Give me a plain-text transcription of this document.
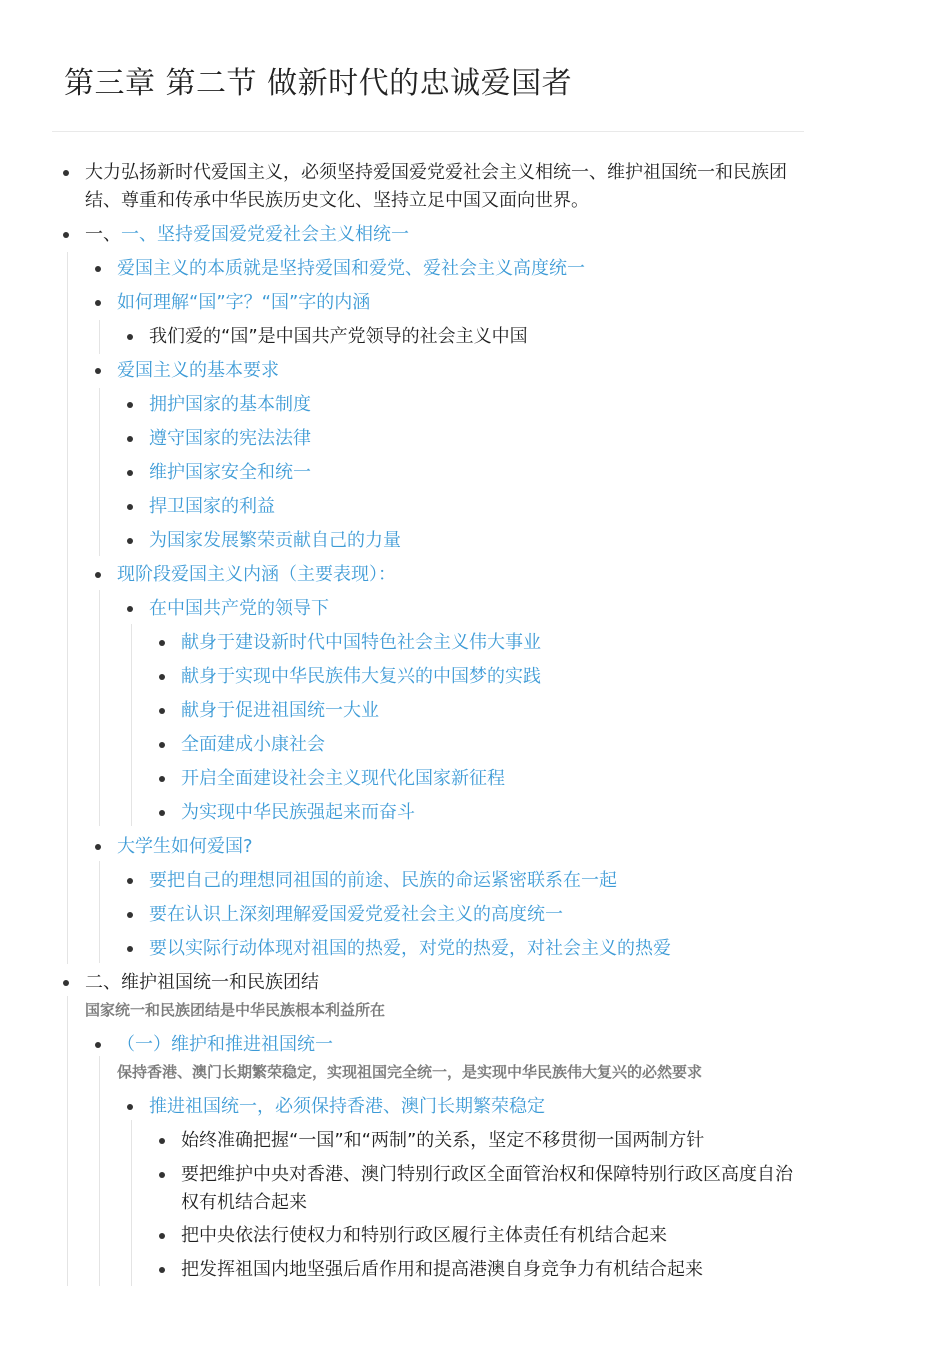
第三章 第二节 做新时代的忠诚爱国者
大力弘扬新时代爱国主义，必须坚持爱国爱党爱社会主义相统一、维护祖国统一和民族团结、尊重和传承中华民族历史文化、坚持立足中国又面向世界。
一、一、坚持爱国爱党爱社会主义相统一
爱国主义的本质就是坚持爱国和爱党、爱社会主义高度统一
如何理解“国”字？“国”字的内涵
我们爱的“国”是中国共产党领导的社会主义中国
爱国主义的基本要求
拥护国家的基本制度
遵守国家的宪法法律
维护国家安全和统一
捍卫国家的利益
为国家发展繁荣贡献自己的力量
现阶段爱国主义内涵（主要表现）：
在中国共产党的领导下
献身于建设新时代中国特色社会主义伟大事业
献身于实现中华民族伟大复兴的中国梦的实践
献身于促进祖国统一大业
全面建成小康社会
开启全面建设社会主义现代化国家新征程
为实现中华民族强起来而奋斗
大学生如何爱国?
要把自己的理想同祖国的前途、民族的命运紧密联系在一起
要在认识上深刻理解爱国爱党爱社会主义的高度统一
要以实际行动体现对祖国的热爱，对党的热爱，对社会主义的热爱
二、维护祖国统一和民族团结
国家统一和民族团结是中华民族根本利益所在
（一）维护和推进祖国统一
保持香港、澳门长期繁荣稳定，实现祖国完全统一，是实现中华民族伟大复兴的必然要求
推进祖国统一，必须保持香港、澳门长期繁荣稳定
始终准确把握“一国”和“两制”的关系，坚定不移贯彻一国两制方针
要把维护中央对香港、澳门特别行政区全面管治权和保障特别行政区高度自治权有机结合起来
把中央依法行使权力和特别行政区履行主体责任有机结合起来
把发挥祖国内地坚强后盾作用和提高港澳自身竞争力有机结合起来
